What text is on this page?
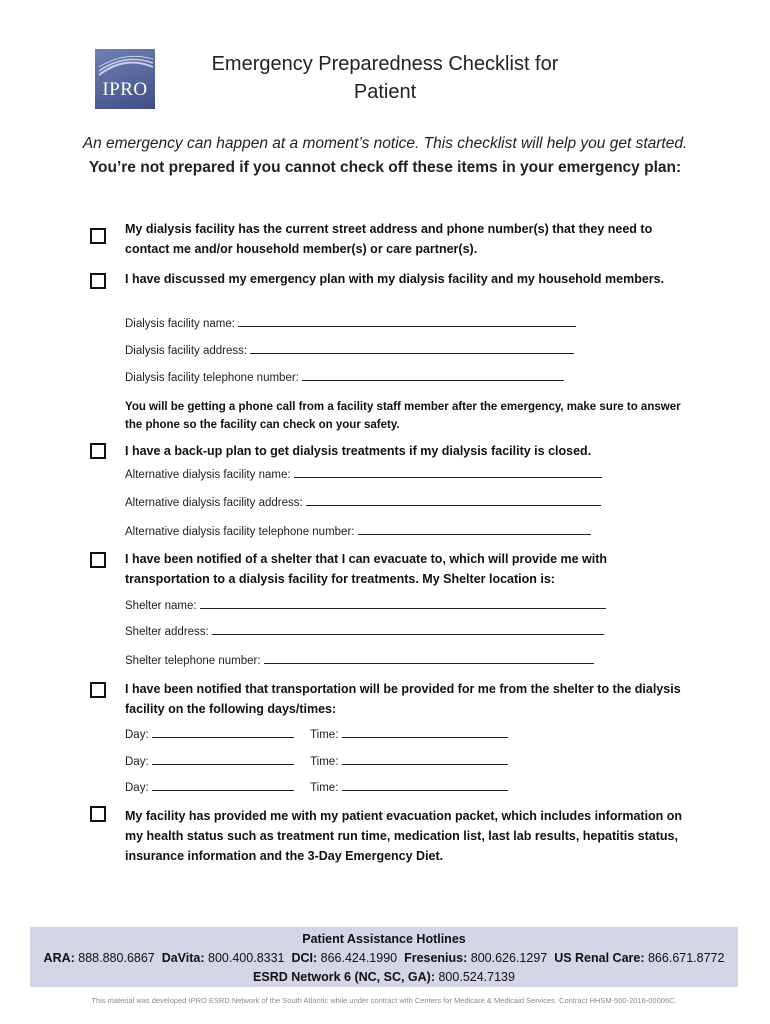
IPRO
Emergency Preparedness Checklist for
Patient
An emergency can happen at a moment’s notice. This checklist will help you get started. You’re not prepared if you cannot check off these items in your emergency plan:
My dialysis facility has the current street address and phone number(s) that they need to contact me and/or household member(s) or care partner(s).
I have discussed my emergency plan with my dialysis facility and my household members.
Dialysis facility name:
Dialysis facility address:
Dialysis facility telephone number:
You will be getting a phone call from a facility staff member after the emergency, make sure to answer the phone so the facility can check on your safety.
I have a back-up plan to get dialysis treatments if my dialysis facility is closed.
Alternative dialysis facility name:
Alternative dialysis facility address:
Alternative dialysis facility telephone number:
I have been notified of a shelter that I can evacuate to, which will provide me with transportation to a dialysis facility for treatments. My Shelter location is:
Shelter name:
Shelter address:
Shelter telephone number:
I have been notified that transportation will be provided for me from the shelter to the dialysis facility on the following days/times:
Day:	Time:
Day:	Time:
Day:	Time:
My facility has provided me with my patient evacuation packet, which includes information on my health status such as treatment run time, medication list, last lab results, hepatitis status, insurance information and the 3-Day Emergency Diet.
Patient Assistance Hotlines
ARA: 888.880.6867 DaVita: 800.400.8331 DCI: 866.424.1990 Fresenius: 800.626.1297 US Renal Care: 866.671.8772
ESRD Network 6 (NC, SC, GA): 800.524.7139
This material was developed IPRO ESRD Network of the South Atlantic while under contract with Centers for Medicare & Medicaid Services. Contract HHSM-500-2016-00006C.
